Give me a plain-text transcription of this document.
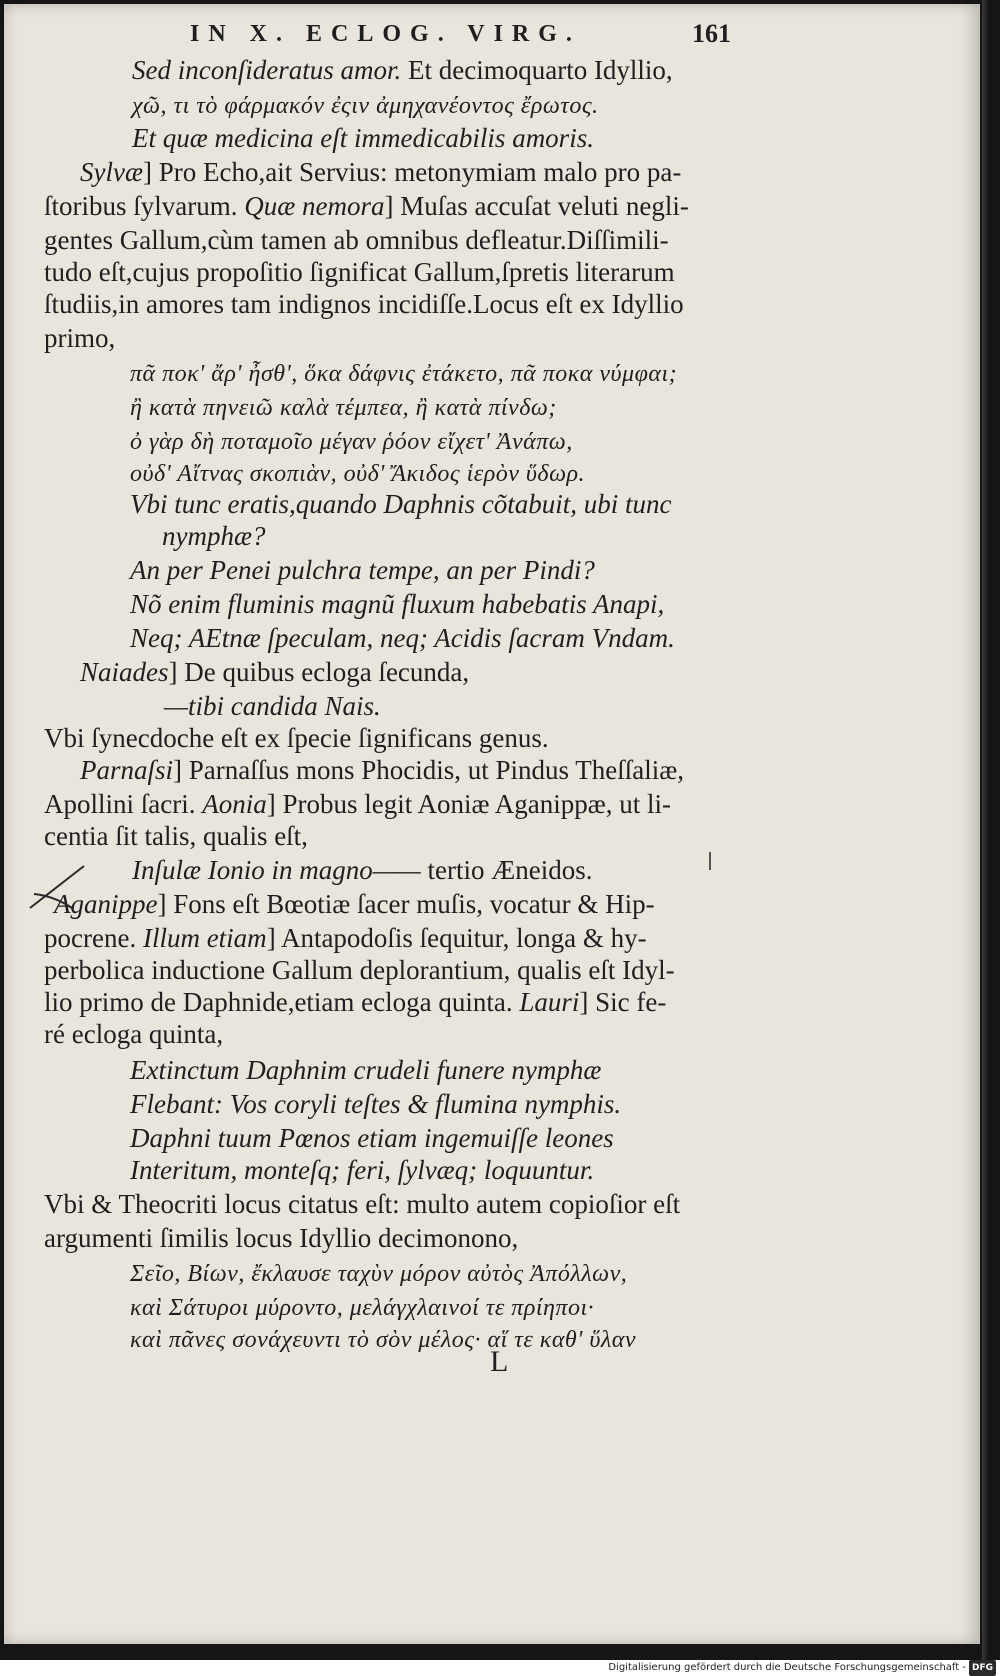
IN X. ECLOG. VIRG.	161
Sed inconſideratus amor. Et decimoquarto Idyllio,
χῶ, τι τὸ φάρμακόν ἐςιν ἀμηχανέοντος ἔρωτος.
Et quæ medicina eſt immedicabilis amoris.
Sylvæ] Pro Echo,ait Servius: metonymiam malo pro pa-
ſtoribus ſylvarum. Quæ nemora] Muſas accuſat veluti negli-
gentes Gallum,cùm tamen ab omnibus defleatur.Diſſimili-
tudo eſt,cujus propoſitio ſignificat Gallum,ſpretis literarum
ſtudiis,in amores tam indignos incidiſſe.Locus eſt ex Idyllio
primo,
πᾶ ποκ' ἄρ' ἦσθ', ὅκα δάφνις ἐτάκετο, πᾶ ποκα νύμφαι;
ἢ κατὰ πηνειῶ καλὰ τέμπεα, ἢ κατὰ πίνδω;
ὀ γὰρ δὴ ποταμοῖο μέγαν ῥόον εἴχετ' Ἀνάπω,
οὐδ' Αἴτνας σκοπιὰν, οὐδ' Ἄκιδος ἱερὸν ὕδωρ.
Vbi tunc eratis,quando Daphnis cõtabuit, ubi tunc
nymphæ?
An per Penei pulchra tempe, an per Pindi?
Nõ enim fluminis magnũ fluxum habebatis Anapi,
Neq; AEtnæ ſpeculam, neq; Acidis ſacram Vndam.
Naiades] De quibus ecloga ſecunda,
—tibi candida Nais.
Vbi ſynecdoche eſt ex ſpecie ſignificans genus.
Parnaſsi] Parnaſſus mons Phocidis, ut Pindus Theſſaliæ,
Apollini ſacri. Aonia] Probus legit Aoniæ Aganippæ, ut li-
centia ſit talis, qualis eſt,
Inſulæ Ionio in magno—— tertio Æneidos.
Aganippe] Fons eſt Bœotiæ ſacer muſis, vocatur & Hip-
pocrene. Illum etiam] Antapodoſis ſequitur, longa & hy-
perbolica inductione Gallum deplorantium, qualis eſt Idyl-
lio primo de Daphnide,etiam ecloga quinta. Lauri] Sic fe-
ré ecloga quinta,
Extinctum Daphnim crudeli funere nymphæ
Flebant: Vos coryli teſtes & flumina nymphis.
Daphni tuum Pœnos etiam ingemuiſſe leones
Interitum, monteſq; feri, ſylvæq; loquuntur.
Vbi & Theocriti locus citatus eſt: multo autem copioſior eſt
argumenti ſimilis locus Idyllio decimonono,
Σεῖο, Βίων, ἔκλαυσε ταχὺν μόρον αὐτὸς Ἀπόλλων,
καὶ Σάτυροι μύροντο, μελάγχλαινοί τε πρίηποι·
καὶ πᾶνες σονάχευντι τὸ σὸν μέλος· αἵ τε καθ' ὕλαν
L
Digitalisierung gefördert durch die Deutsche Forschungsgemeinschaft - DFG
